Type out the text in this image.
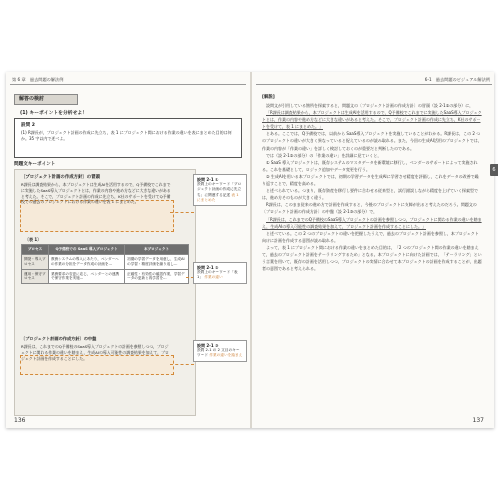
第 6 章　過去問題の解法例
解答の検討
(1) キーポイントを分析せよ！
設問 2
(1) R課長が，プロジェクト計画の作成に先立ち，表 1 にプロジェクト間における作業の違いを表にまとめた目的は何か。35 字以内で述べよ。
問題文キーポイント
〔プロジェクト計画の作成方針〕の冒頭
R課長は調査結果から，本プロジェクトは生成AIを活用するので，Q予備校でこれまでに実施したSaaS導入プロジェクトとは，作業の内容や進め方などに大きな違いがあると考えた。そこで，プロジェクト計画の作成に先立ち，K社のサポートを受けてQ予備校での過去のプロジェクトにおける作業の違いを表 1 にまとめた。
〔表 1〕
プロセス	Q予備校での SaaS 導入プロジェクト	本プロジェクト
開発・導入プロセス	教務システムの導入にあたり，ベンダーへの作業の分担をデータ作成の計画を…	初期の学習データを用意し，生成AIの学習・精度評価を繰り返し…
運用・保守プロセス	業務要求の変更に応じ，ベンダーとの連携で保守作業を実施…	正確性・有効性の確認作業，学習データの更新と再学習を…
〔プロジェクト計画の作成方針〕の中盤
R課長は，これまでのQ予備校のSaaS導入プロジェクトの計画を参照しつつ，プロジェクトに関わる作業の違いを踏まえ，生成AIの導入可能性の調査結果を加えて，プロジェクト計画を作成することにした。
設問 2-1 ①
設問上のキーワード「プロジェクト計画の作成に先立ち」に関連する記述 表 1 にまとめた
設問 2-1 ②
設問上のキーワード「表 1」 作業の違い
設問 2-1 ③
設問 2-1 の 2 文目のキーワード 作業の違いを踏まえ
136
6-1　過去問題のビジュアル解法例
6
[解説]

設問文が引用している箇所を探索すると，問題文の〔プロジェクト計画の作成方針〕の冒頭（設 2-1①の部分）に，

「R課長は調査結果から，本プロジェクトは生成AIを活用するので，Q予備校でこれまでに実施したSaaS導入プロジェクトとは，作業の内容や進め方などに大きな違いがあると考えた。そこで，プロジェクト計画の作成に先立ち，K社のサポートを受けて，表 1 にまとめた。」

とある。ここでは，Q予備校では，以前から SaaS導入プロジェクトを実施していることがわかる。R課長は，この 2 つのプロジェクトの違いが大きく異なっていると捉えているのが読み取れる。また，今回の生成AI活用のプロジェクトでは，作業の内容が「作業の違い」を詳しく検討しておくのが重要だと判断したのである。

では（設 2-1②の部分）の「作業の違い」を詳細に見ていくと，

① SaaS 導入プロジェクトは，既存システムのマスタデータを新環境に移行し，ベンダーのサポートによって実施される。これを基礎として，ロジック追加やデータ変更を行う。

② 生成AIを用いる本プロジェクトでは，初期の学習データを生成AIに学習させ精度を評価し，これをデータの改善で繰り返すことで，精度を高める。

と述べられている。つまり，既存資産を移行し要件に合わせる従来型と，試行錯誤しながら精度を上げていく探索型では，進め方そのものが大きく違う。

R課長は，このまま従来の進め方で計画を作成すると，今後のプロジェクトに支障が出ると考えたのだろう。問題文の〔プロジェクト計画の作成方針〕の中盤（設 2-1③の部分）で，

「R課長は，これまでのQ予備校のSaaS導入プロジェクトの計画を参照しつつ，プロジェクトに関わる作業の違いを踏まえ，生成AIの導入可能性の調査結果を加えて，プロジェクト計画を作成することにした。」

と述べている。この 2 つのプロジェクトの違いを把握したうえで，過去のプロジェクト計画を参照し，本プロジェクト向けに計画を作成する意図が読み取れる。

よって，表 1 にプロジェクト間における作業の違いをまとめた目的は，「2 つのプロジェクト間の作業の違いを踏まえて，過去のプロジェクト計画をテーラリングするため」となる。本プロジェクトに向けた計画では，「テーラリング」という言葉を用いて，既存の計画を活用しつつ，プロジェクトの実情に合わせて本プロジェクトの計画を作成することが，出題者の意図であると考えられる。

137
